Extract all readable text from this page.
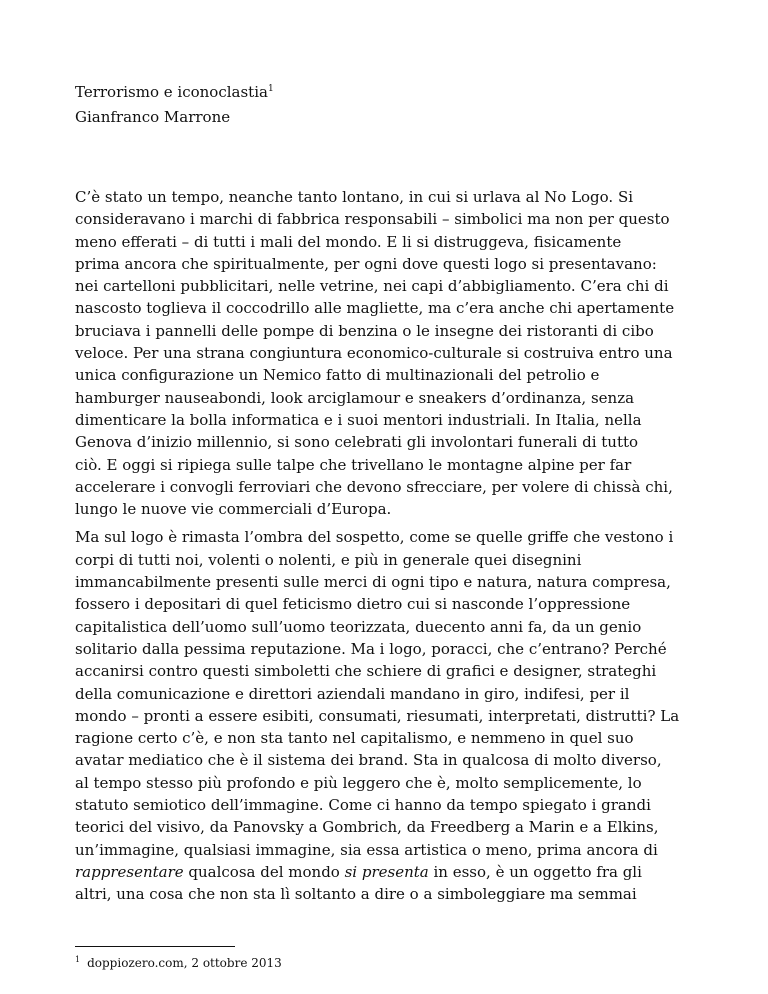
Terrorismo e iconoclastia$^1$

Gianfranco Marrone

C’è stato un tempo, neanche tanto lontano, in cui si urlava al No Logo. Si
consideravano i marchi di fabbrica responsabili – simbolici ma non per questo
meno efferati – di tutti i mali del mondo. E li si distruggeva, fisicamente
prima ancora che spiritualmente, per ogni dove questi logo si presentavano:
nei cartelloni pubblicitari, nelle vetrine, nei capi d’abbigliamento. C’era chi di
nascosto toglieva il coccodrillo alle magliette, ma c’era anche chi apertamente
bruciava i pannelli delle pompe di benzina o le insegne dei ristoranti di cibo
veloce. Per una strana congiuntura economico-culturale si costruiva entro una
unica configurazione un Nemico fatto di multinazionali del petrolio e
hamburger nauseabondi, look arciglamour e sneakers d’ordinanza, senza
dimenticare la bolla informatica e i suoi mentori industriali. In Italia, nella
Genova d’inizio millennio, si sono celebrati gli involontari funerali di tutto
ciò. E oggi si ripiega sulle talpe che trivellano le montagne alpine per far
accelerare i convogli ferroviari che devono sfrecciare, per volere di chissà chi,
lungo le nuove vie commerciali d’Europa.

Ma sul logo è rimasta l’ombra del sospetto, come se quelle griffe che vestono i
corpi di tutti noi, volenti o nolenti, e più in generale quei disegnini
immancabilmente presenti sulle merci di ogni tipo e natura, natura compresa,
fossero i depositari di quel feticismo dietro cui si nasconde l’oppressione
capitalistica dell’uomo sull’uomo teorizzata, duecento anni fa, da un genio
solitario dalla pessima reputazione. Ma i logo, poracci, che c’entrano? Perché
accanirsi contro questi simboletti che schiere di grafici e designer, strateghi
della comunicazione e direttori aziendali mandano in giro, indifesi, per il
mondo – pronti a essere esibiti, consumati, riesumati, interpretati, distrutti? La
ragione certo c’è, e non sta tanto nel capitalismo, e nemmeno in quel suo
avatar mediatico che è il sistema dei brand. Sta in qualcosa di molto diverso,
al tempo stesso più profondo e più leggero che è, molto semplicemente, lo
statuto semiotico dell’immagine. Come ci hanno da tempo spiegato i grandi
teorici del visivo, da Panovsky a Gombrich, da Freedberg a Marin e a Elkins,
un’immagine, qualsiasi immagine, sia essa artistica o meno, prima ancora di
rappresentare qualcosa del mondo si presenta in esso, è un oggetto fra gli
altri, una cosa che non sta lì soltanto a dire o a simboleggiare ma semmai

$^1$ doppiozero.com, 2 ottobre 2013
